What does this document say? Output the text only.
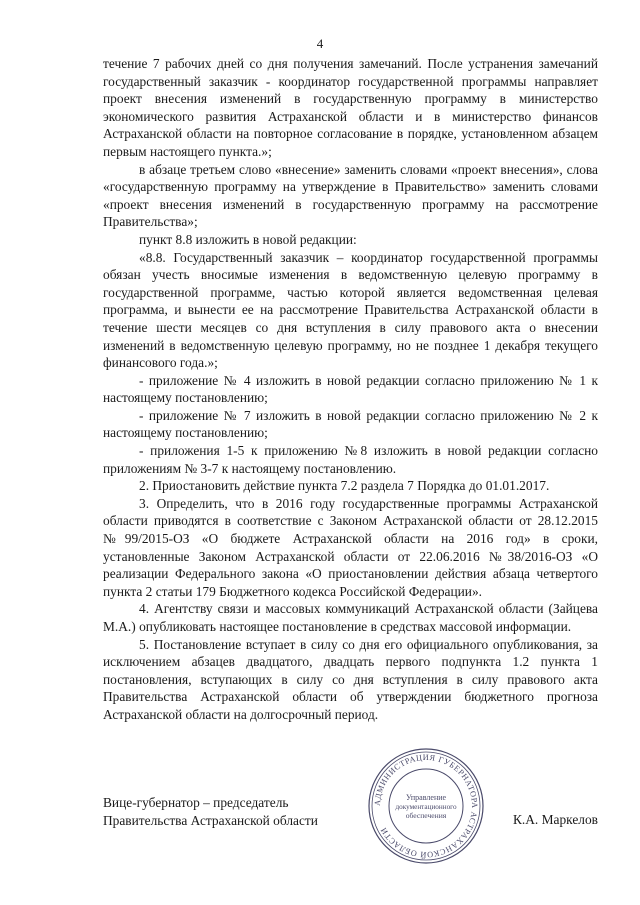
4

течение 7 рабочих дней со дня получения замечаний. После устранения замечаний государственный заказчик - координатор государственной программы направляет проект внесения изменений в государственную программу в министерство экономического развития Астраханской области и в министерство финансов Астраханской области на повторное согласование в порядке, установленном абзацем первым настоящего пункта.»;

в абзаце третьем слово «внесение» заменить словами «проект внесения», слова «государственную программу на утверждение в Правительство» заменить словами «проект внесения изменений в государственную программу на рассмотрение Правительства»;

пункт 8.8 изложить в новой редакции:

«8.8. Государственный заказчик – координатор государственной программы обязан учесть вносимые изменения в ведомственную целевую программу в государственной программе, частью которой является ведомственная целевая программа, и вынести ее на рассмотрение Правительства Астраханской области в течение шести месяцев со дня вступления в силу правового акта о внесении изменений в ведомственную целевую программу, но не позднее 1 декабря текущего финансового года.»;

- приложение № 4 изложить в новой редакции согласно приложению № 1 к настоящему постановлению;

- приложение № 7 изложить в новой редакции согласно приложению № 2 к настоящему постановлению;

- приложения 1-5 к приложению №8 изложить в новой редакции согласно приложениям № 3-7 к настоящему постановлению.

2. Приостановить действие пункта 7.2 раздела 7 Порядка до 01.01.2017.

3. Определить, что в 2016 году государственные программы Астраханской области приводятся в соответствие с Законом Астраханской области от 28.12.2015 №99/2015-ОЗ «О бюджете Астраханской области на 2016 год» в сроки, установленные Законом Астраханской области от 22.06.2016 №38/2016-ОЗ «О реализации Федерального закона «О приостановлении действия абзаца четвертого пункта 2 статьи 179 Бюджетного кодекса Российской Федерации».

4. Агентству связи и массовых коммуникаций Астраханской области (Зайцева М.А.) опубликовать настоящее постановление в средствах массовой информации.

5. Постановление вступает в силу со дня его официального опубликования, за исключением абзацев двадцатого, двадцать первого подпункта 1.2 пункта 1 постановления, вступающих в силу со дня вступления в силу правового акта Правительства Астраханской области об утверждении бюджетного прогноза Астраханской области на долгосрочный период.

АДМИНИСТРАЦИЯ ГУБЕРНАТОРА АСТРАХАНСКОЙ ОБЛАСТИ
Управление
документационного
обеспечения
Вице-губернатор – председатель
Правительства Астраханской области	К.А. Маркелов
